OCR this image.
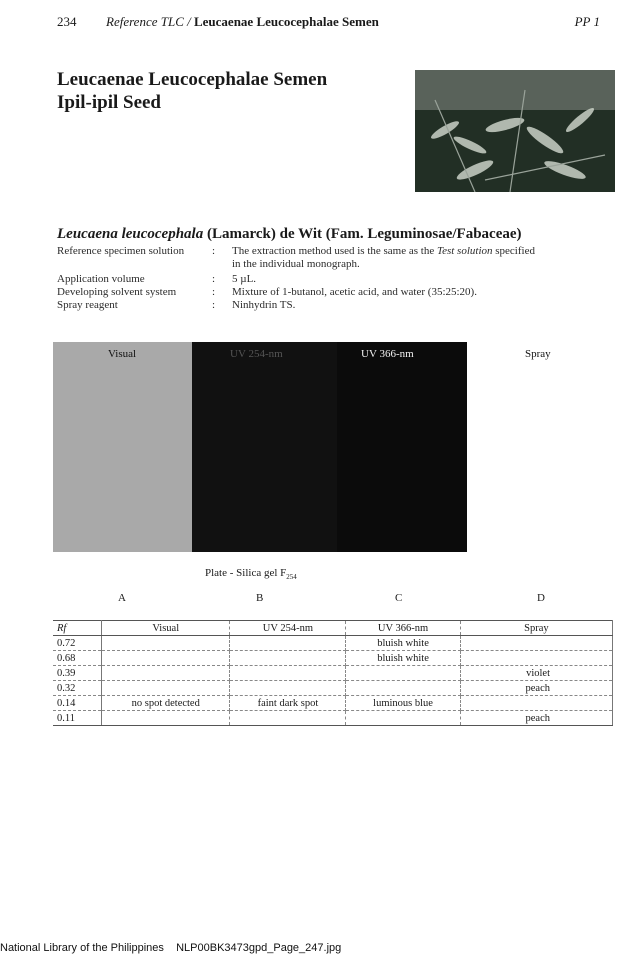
234 Reference TLC / Leucaenae Leucocephalae Semen	PP 1
Leucaenae Leucocephalae Semen
Ipil-ipil Seed
Leucaena leucocephala (Lamarck) de Wit (Fam. Leguminosae/Fabaceae)
Reference specimen solution	: The extraction method used is the same as the Test solution specified
in the individual monograph.
Application volume	: 5 µL.
Developing solvent system	: Mixture of 1-butanol, acetic acid, and water (35:25:20).
Spray reagent	: Ninhydrin TS.
Visual	UV 254-nm	UV 366-nm	Spray
Plate - Silica gel $F_{254}$
A	B	C	D
Rf	Visual	UV 254-nm	UV 366-nm	Spray
0.72			bluish white	
0.68			bluish white	
0.39				violet
0.32				peach
0.14	no spot detected	faint dark spot	luminous blue	
0.11				peach
National Library of the Philippines NLP00BK3473gpd_Page_247.jpg
